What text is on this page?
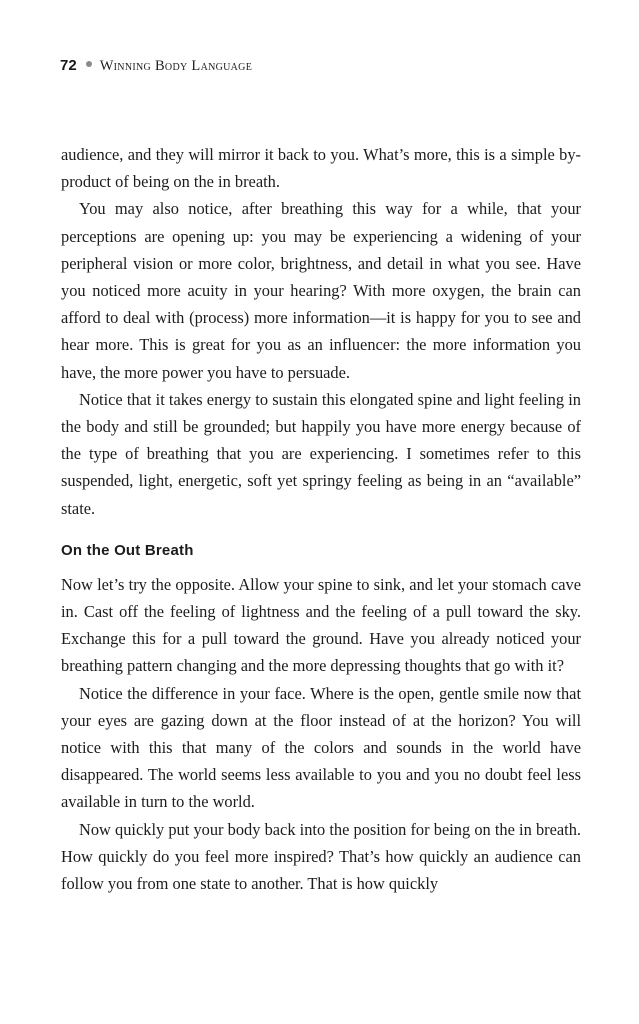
72 Winning Body Language

audience, and they will mirror it back to you. What’s more, this is a simple by-product of being on the in breath.

You may also notice, after breathing this way for a while, that your perceptions are opening up: you may be experiencing a widening of your peripheral vision or more color, brightness, and detail in what you see. Have you noticed more acuity in your hearing? With more oxygen, the brain can afford to deal with (process) more information—it is happy for you to see and hear more. This is great for you as an influencer: the more information you have, the more power you have to persuade.

Notice that it takes energy to sustain this elongated spine and light feeling in the body and still be grounded; but happily you have more energy because of the type of breathing that you are experiencing. I sometimes refer to this suspended, light, energetic, soft yet springy feeling as being in an “available” state.

On the Out Breath

Now let’s try the opposite. Allow your spine to sink, and let your stomach cave in. Cast off the feeling of lightness and the feeling of a pull toward the sky. Exchange this for a pull toward the ground. Have you already noticed your breathing pattern changing and the more depressing thoughts that go with it?

Notice the difference in your face. Where is the open, gentle smile now that your eyes are gazing down at the floor instead of at the horizon? You will notice with this that many of the colors and sounds in the world have disappeared. The world seems less available to you and you no doubt feel less available in turn to the world.

Now quickly put your body back into the position for being on the in breath. How quickly do you feel more inspired? That’s how quickly an audience can follow you from one state to another. That is how quickly
